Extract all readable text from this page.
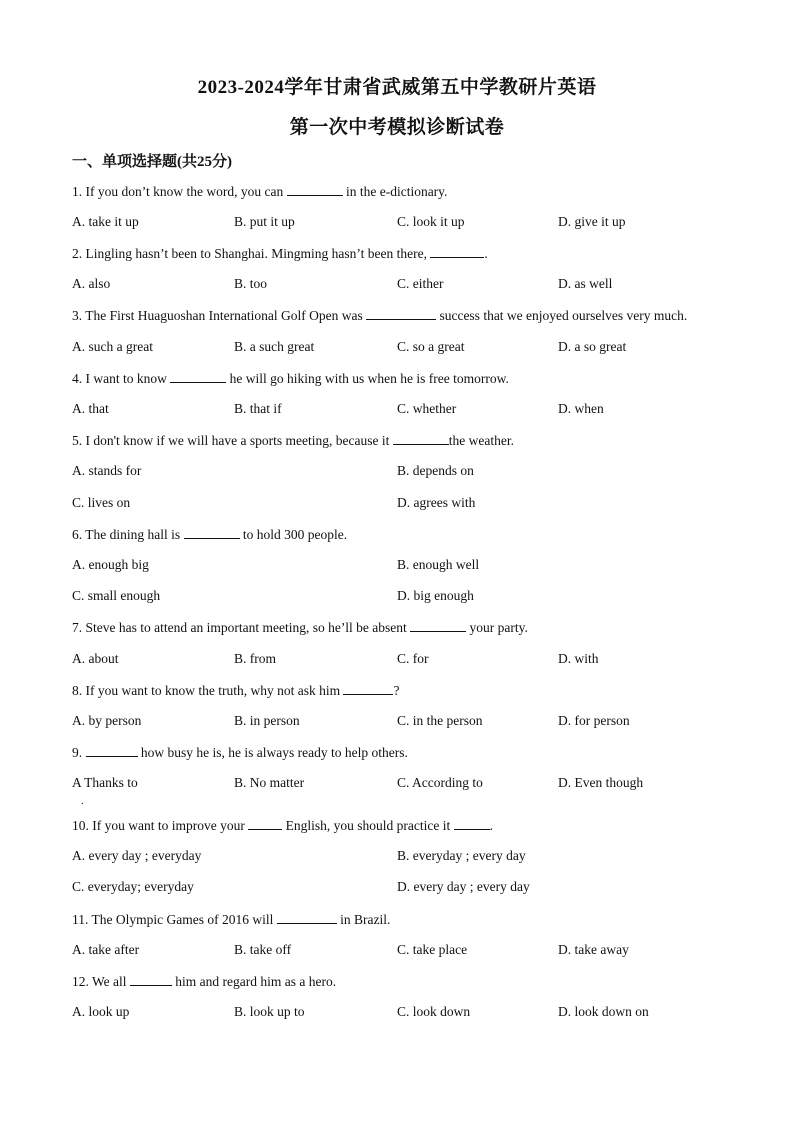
2023-2024学年甘肃省武威第五中学教研片英语
第一次中考模拟诊断试卷
一、单项选择题(共25分)
1. If you don’t know the word, you can	in the e-dictionary.
A. take it up	B. put it up	C. look it up	D. give it up
2. Lingling hasn’t been to Shanghai. Mingming hasn’t been there,	.
A. also	B. too	C. either	D. as well
3. The First Huaguoshan International Golf Open was	success that we enjoyed ourselves very much.
A. such a great	B. a such great	C. so a great	D. a so great
4. I want to know	he will go hiking with us when he is free tomorrow.
A. that	B. that if	C. whether	D. when
5. I don't know if we will have a sports meeting, because it	the weather.
A. stands for	B. depends on
C. lives on	D. agrees with
6. The dining hall is	to hold 300 people.
A. enough big	B. enough well
C. small enough	D. big enough
7. Steve has to attend an important meeting, so he’ll be absent	your party.
A. about	B. from	C. for	D. with
8. If you want to know the truth, why not ask him	?
A. by person	B. in person	C. in the person	D. for person
9.	how busy he is, he is always ready to help others.
A Thanks to	B. No matter	C. According to	D. Even though
.
10. If you want to improve your	English, you should practice it	.
A. every day ; everyday	B. everyday ; every day
C. everyday; everyday	D. every day ; every day
11. The Olympic Games of 2016 will	in Brazil.
A. take after	B. take off	C. take place	D. take away
12. We all	him and regard him as a hero.
A. look up	B. look up to	C. look down	D. look down on
